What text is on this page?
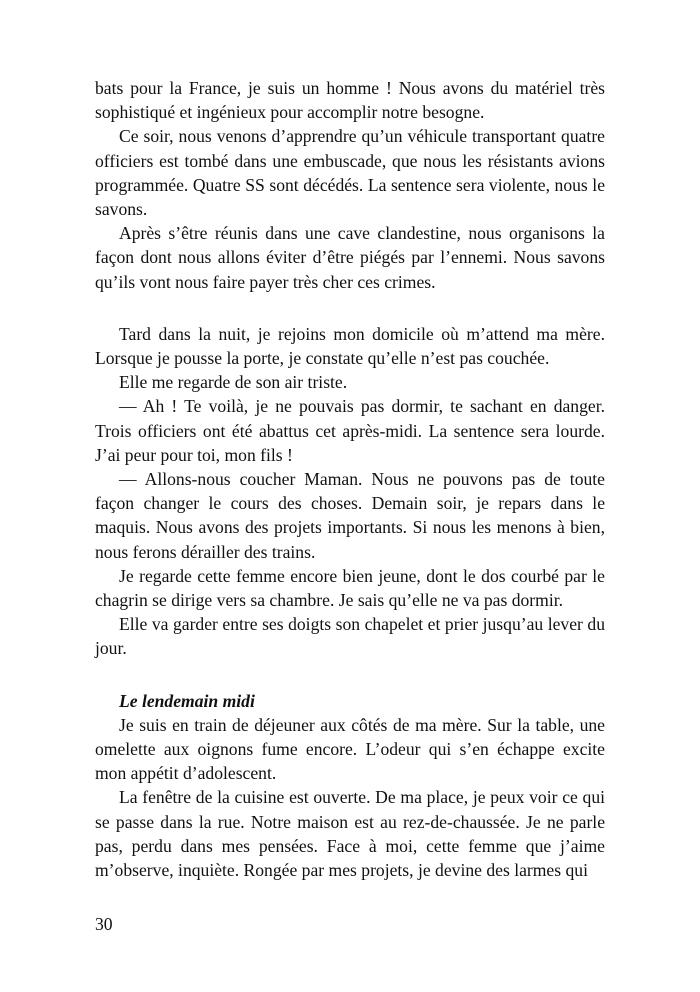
bats pour la France, je suis un homme ! Nous avons du matériel très sophistiqué et ingénieux pour accomplir notre besogne.

Ce soir, nous venons d’apprendre qu’un véhicule transportant quatre officiers est tombé dans une embuscade, que nous les résistants avions programmée. Quatre SS sont décédés. La sentence sera violente, nous le savons.

Après s’être réunis dans une cave clandestine, nous organisons la façon dont nous allons éviter d’être piégés par l’ennemi. Nous savons qu’ils vont nous faire payer très cher ces crimes.

Tard dans la nuit, je rejoins mon domicile où m’attend ma mère. Lorsque je pousse la porte, je constate qu’elle n’est pas couchée.

Elle me regarde de son air triste.

— Ah ! Te voilà, je ne pouvais pas dormir, te sachant en danger. Trois officiers ont été abattus cet après-midi. La sentence sera lourde. J’ai peur pour toi, mon fils !

— Allons-nous coucher Maman. Nous ne pouvons pas de toute façon changer le cours des choses. Demain soir, je repars dans le maquis. Nous avons des projets importants. Si nous les menons à bien, nous ferons dérailler des trains.

Je regarde cette femme encore bien jeune, dont le dos courbé par le chagrin se dirige vers sa chambre. Je sais qu’elle ne va pas dormir.

Elle va garder entre ses doigts son chapelet et prier jusqu’au lever du jour.

Le lendemain midi

Je suis en train de déjeuner aux côtés de ma mère. Sur la table, une omelette aux oignons fume encore. L’odeur qui s’en échappe excite mon appétit d’adolescent.

La fenêtre de la cuisine est ouverte. De ma place, je peux voir ce qui se passe dans la rue. Notre maison est au rez-de-chaussée. Je ne parle pas, perdu dans mes pensées. Face à moi, cette femme que j’aime m’observe, inquiète. Rongée par mes projets, je devine des larmes qui

30
